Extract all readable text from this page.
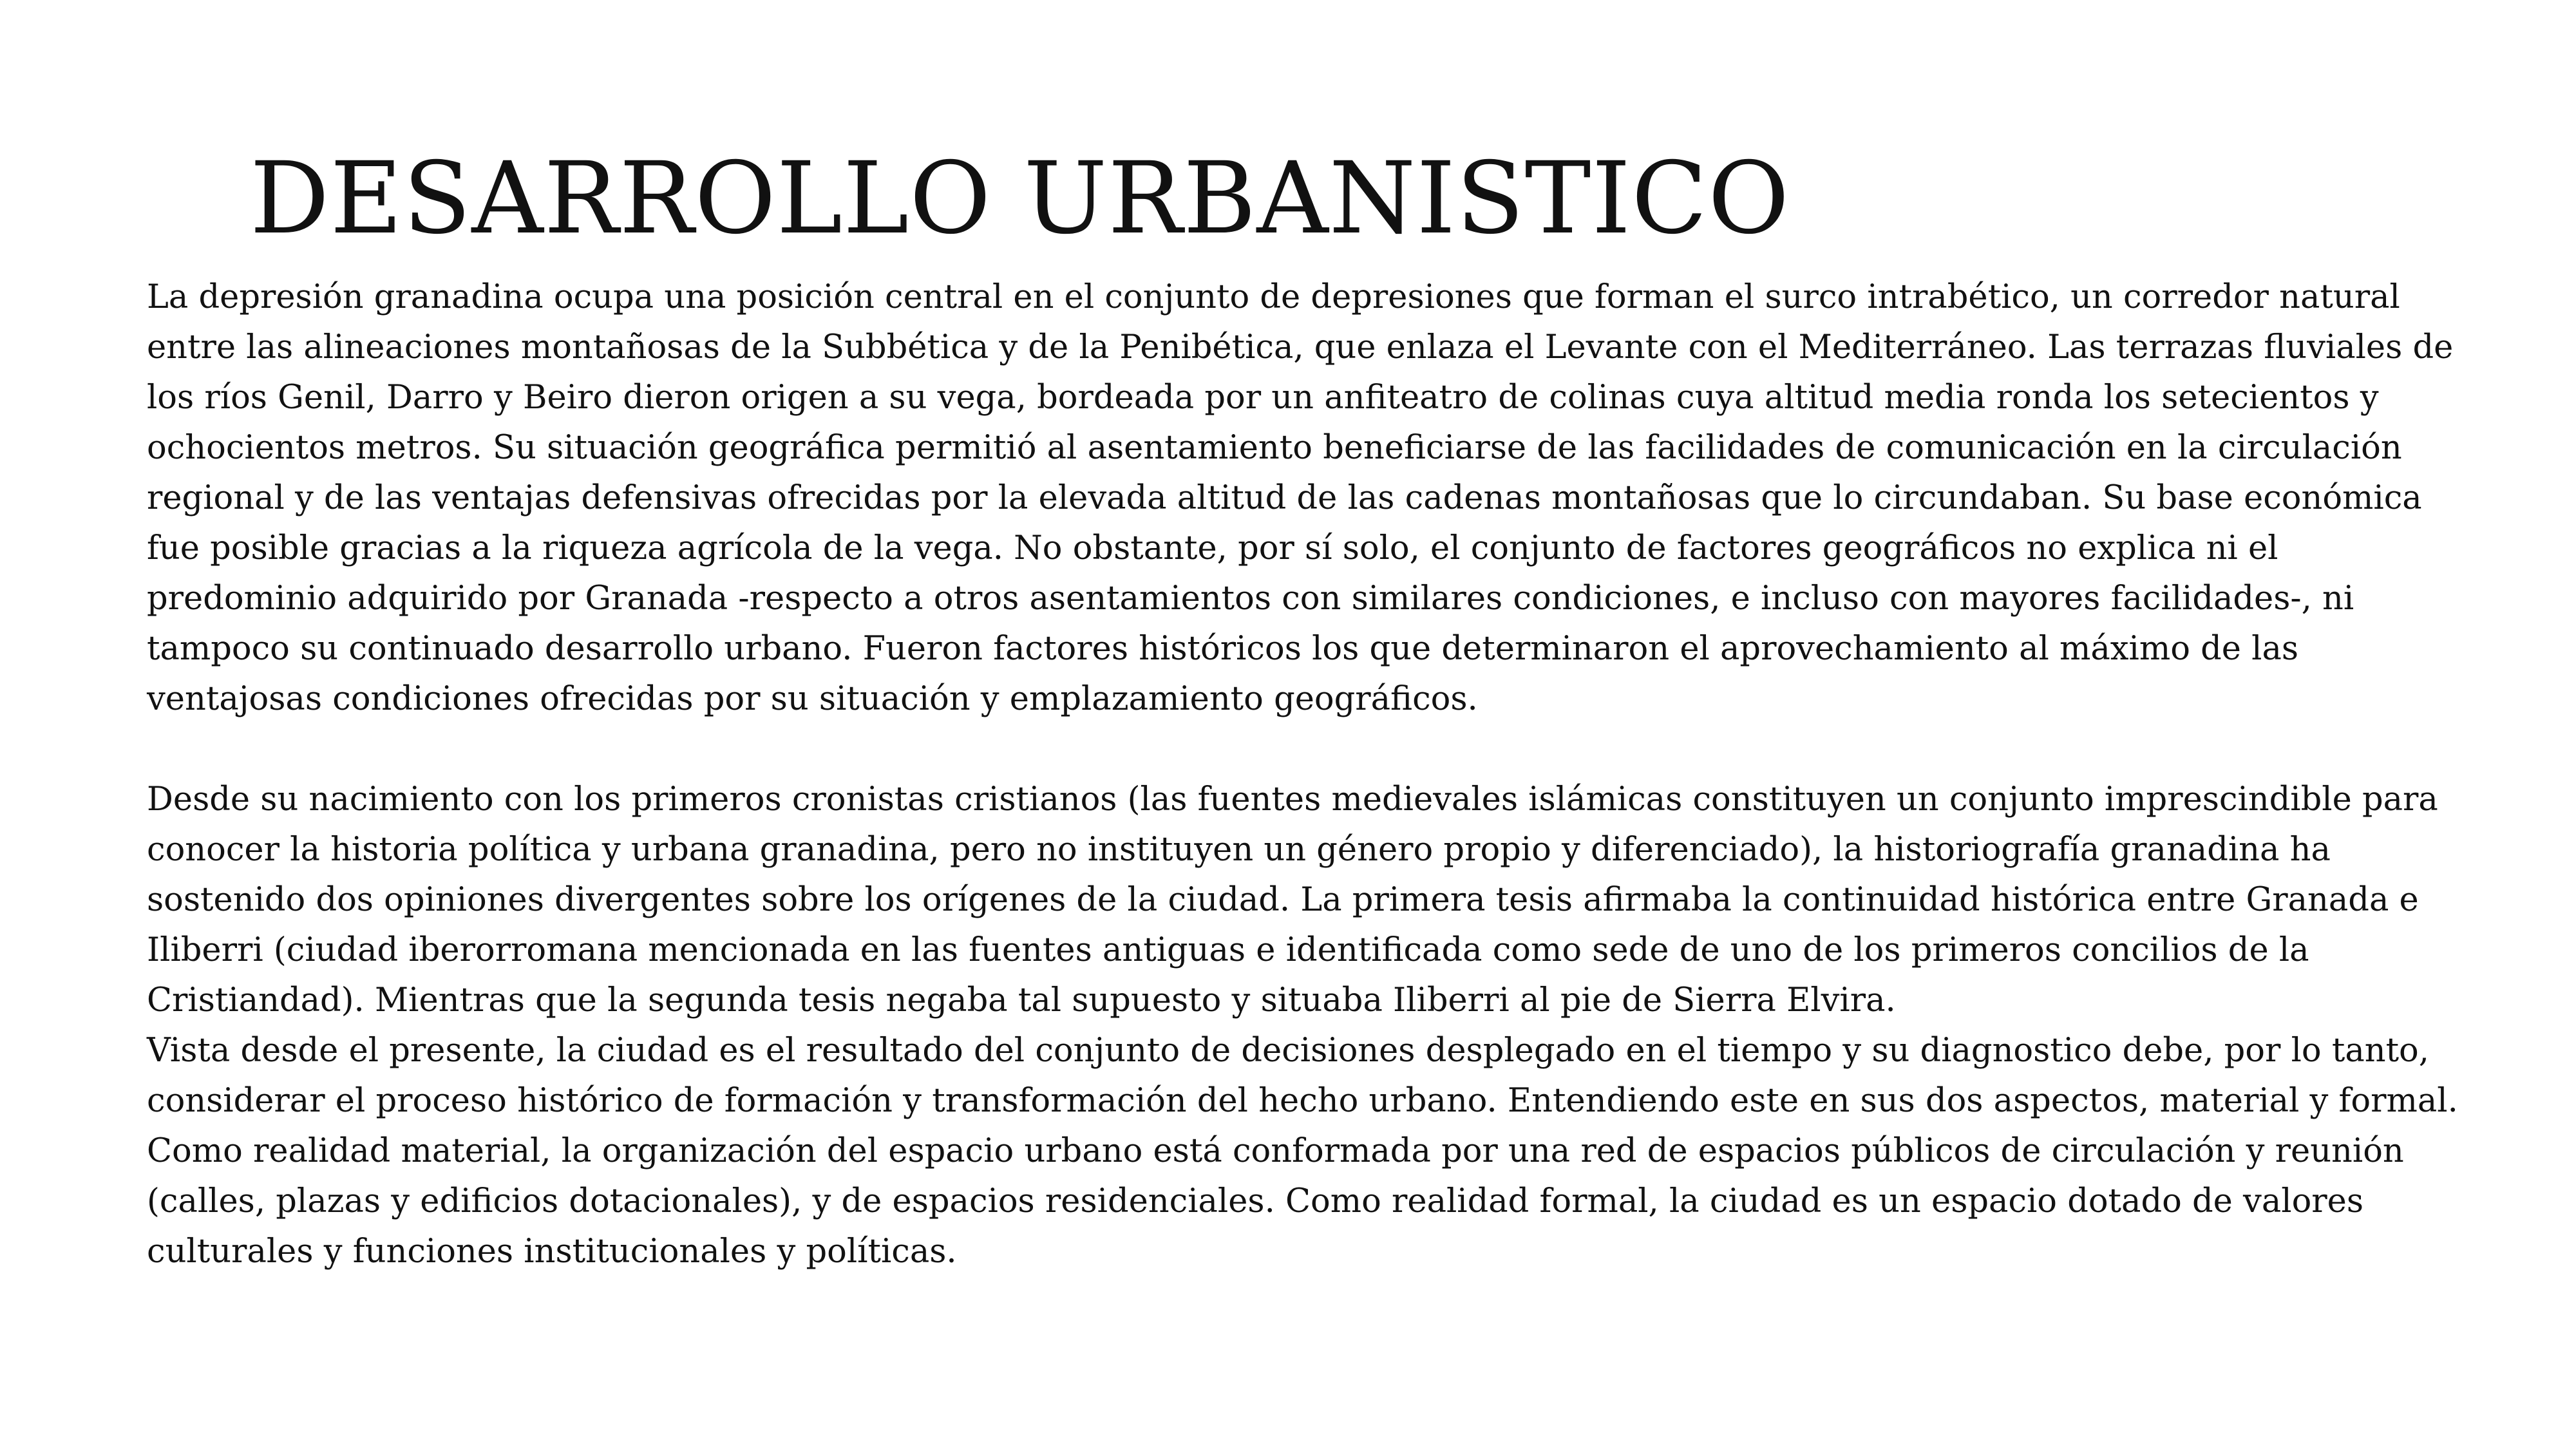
DESARROLLO URBANISTICO

La depresión granadina ocupa una posición central en el conjunto de depresiones que forman el surco intrabético, un corredor natural entre las alineaciones montañosas de la Subbética y de la Penibética, que enlaza el Levante con el Mediterráneo. Las terrazas fluviales de los ríos Genil, Darro y Beiro dieron origen a su vega, bordeada por un anfiteatro de colinas cuya altitud media ronda los setecientos y ochocientos metros. Su situación geográfica permitió al asentamiento beneficiarse de las facilidades de comunicación en la circulación regional y de las ventajas defensivas ofrecidas por la elevada altitud de las cadenas montañosas que lo circundaban. Su base económica fue posible gracias a la riqueza agrícola de la vega. No obstante, por sí solo, el conjunto de factores geográficos no explica ni el predominio adquirido por Granada -respecto a otros asentamientos con similares condiciones, e incluso con mayores facilidades-, ni tampoco su continuado desarrollo urbano. Fueron factores históricos los que determinaron el aprovechamiento al máximo de las ventajosas condiciones ofrecidas por su situación y emplazamiento geográficos.

Desde su nacimiento con los primeros cronistas cristianos (las fuentes medievales islámicas constituyen un conjunto imprescindible para conocer la historia política y urbana granadina, pero no instituyen un género propio y diferenciado), la historiografía granadina ha sostenido dos opiniones divergentes sobre los orígenes de la ciudad. La primera tesis afirmaba la continuidad histórica entre Granada e Iliberri (ciudad iberorromana mencionada en las fuentes antiguas e identificada como sede de uno de los primeros concilios de la Cristiandad). Mientras que la segunda tesis negaba tal supuesto y situaba Iliberri al pie de Sierra Elvira.

Vista desde el presente, la ciudad es el resultado del conjunto de decisiones desplegado en el tiempo y su diagnostico debe, por lo tanto, considerar el proceso histórico de formación y transformación del hecho urbano. Entendiendo este en sus dos aspectos, material y formal. Como realidad material, la organización del espacio urbano está conformada por una red de espacios públicos de circulación y reunión (calles, plazas y edificios dotacionales), y de espacios residenciales. Como realidad formal, la ciudad es un espacio dotado de valores culturales y funciones institucionales y políticas.
